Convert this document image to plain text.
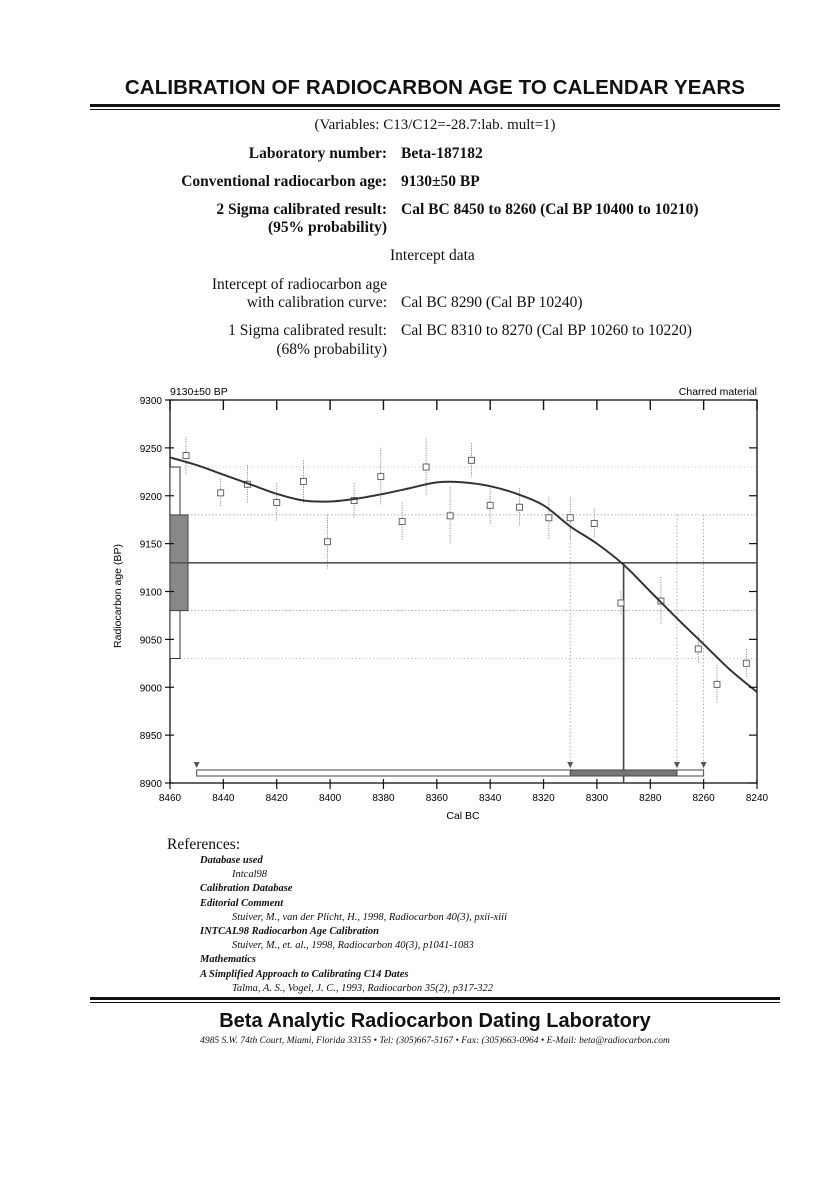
CALIBRATION OF RADIOCARBON AGE TO CALENDAR YEARS
(Variables: C13/C12=-28.7:lab. mult=1)
Laboratory number: Beta-187182
Conventional radiocarbon age: 9130±50 BP
2 Sigma calibrated result: Cal BC 8450 to 8260 (Cal BP 10400 to 10210)
(95% probability)
Intercept data
Intercept of radiocarbon age
with calibration curve: Cal BC 8290 (Cal BP 10240)
1 Sigma calibrated result: Cal BC 8310 to 8270 (Cal BP 10260 to 10220)
(68% probability)
8900
8950
9000
9050
9100
9150
9200
9250
9300
8460	8440	8420	8400	8380	8360	8340	8320	8300	8280	8260	8240
9130±50 BP	Charred material
Cal BC
Radiocarbon age (BP)
References:
Database used
Intcal98
Calibration Database
Editorial Comment
Stuiver, M., van der Plicht, H., 1998, Radiocarbon 40(3), pxii-xiii
INTCAL98 Radiocarbon Age Calibration
Stuiver, M., et. al., 1998, Radiocarbon 40(3), p1041-1083
Mathematics
A Simplified Approach to Calibrating C14 Dates
Talma, A. S., Vogel, J. C., 1993, Radiocarbon 35(2), p317-322
Beta Analytic Radiocarbon Dating Laboratory
4985 S.W. 74th Court, Miami, Florida 33155 • Tel: (305)667-5167 • Fax: (305)663-0964 • E-Mail: beta@radiocarbon.com
